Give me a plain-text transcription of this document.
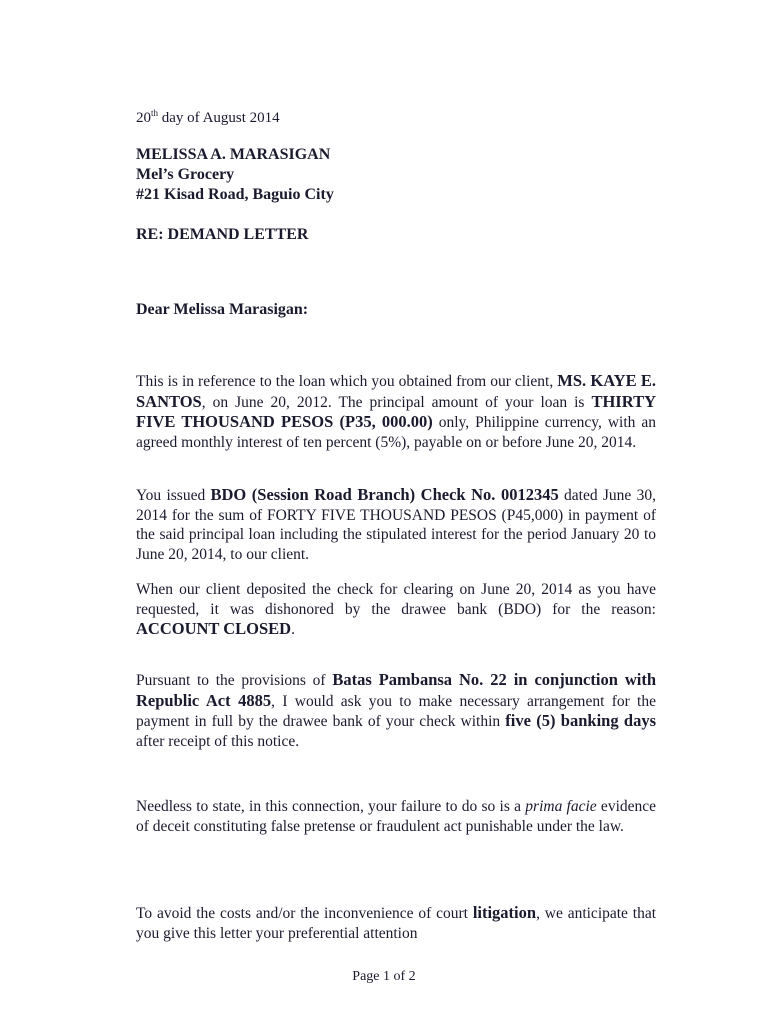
20th day of August 2014

MELISSA A. MARASIGAN
Mel’s Grocery
#21 Kisad Road, Baguio City

RE: DEMAND LETTER

Dear Melissa Marasigan:

This is in reference to the loan which you obtained from our client, MS. KAYE E. SANTOS, on June 20, 2012. The principal amount of your loan is THIRTY FIVE THOUSAND PESOS (P35, 000.00) only, Philippine currency, with an agreed monthly interest of ten percent (5%), payable on or before June 20, 2014.

You issued BDO (Session Road Branch) Check No. 0012345 dated June 30, 2014 for the sum of FORTY FIVE THOUSAND PESOS (P45,000) in payment of the said principal loan including the stipulated interest for the period January 20 to June 20, 2014, to our client.

When our client deposited the check for clearing on June 20, 2014 as you have requested, it was dishonored by the drawee bank (BDO) for the reason: ACCOUNT CLOSED.

Pursuant to the provisions of Batas Pambansa No. 22 in conjunction with Republic Act 4885, I would ask you to make necessary arrangement for the payment in full by the drawee bank of your check within five (5) banking days after receipt of this notice.

Needless to state, in this connection, your failure to do so is a prima facie evidence of deceit constituting false pretense or fraudulent act punishable under the law.

To avoid the costs and/or the inconvenience of court litigation, we anticipate that you give this letter your preferential attention

Page 1 of 2
